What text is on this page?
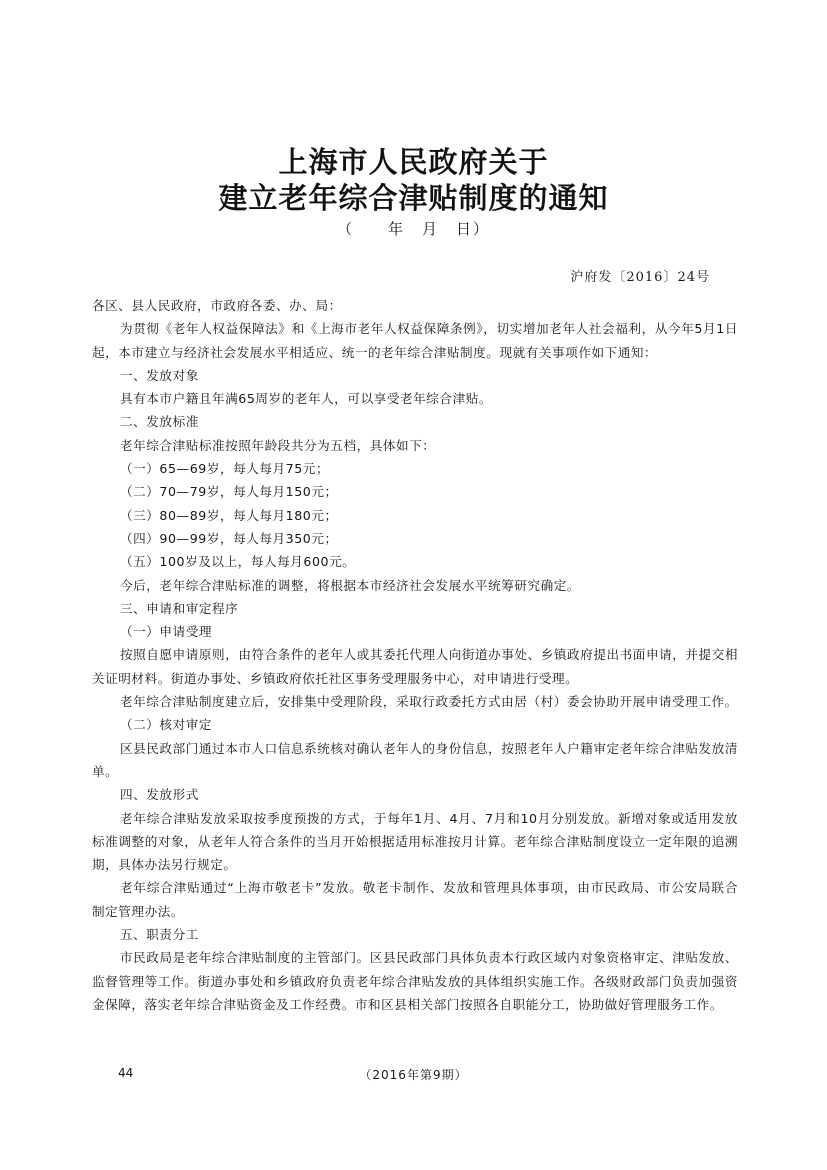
上海市人民政府关于
建立老年综合津贴制度的通知
（　　年　月　日）
沪府发〔2016〕24号

各区、县人民政府，市政府各委、办、局：

为贯彻《老年人权益保障法》和《上海市老年人权益保障条例》，切实增加老年人社会福利，从今年5月1日起，本市建立与经济社会发展水平相适应、统一的老年综合津贴制度。现就有关事项作如下通知：

一、发放对象

具有本市户籍且年满65周岁的老年人，可以享受老年综合津贴。

二、发放标准

老年综合津贴标准按照年龄段共分为五档，具体如下：

（一）65—69岁，每人每月75元；

（二）70—79岁，每人每月150元；

（三）80—89岁，每人每月180元；

（四）90—99岁，每人每月350元；

（五）100岁及以上，每人每月600元。

今后，老年综合津贴标准的调整，将根据本市经济社会发展水平统筹研究确定。

三、申请和审定程序

（一）申请受理

按照自愿申请原则，由符合条件的老年人或其委托代理人向街道办事处、乡镇政府提出书面申请，并提交相关证明材料。街道办事处、乡镇政府依托社区事务受理服务中心，对申请进行受理。

老年综合津贴制度建立后，安排集中受理阶段，采取行政委托方式由居（村）委会协助开展申请受理工作。

（二）核对审定

区县民政部门通过本市人口信息系统核对确认老年人的身份信息，按照老年人户籍审定老年综合津贴发放清单。

四、发放形式

老年综合津贴发放采取按季度预拨的方式，于每年1月、4月、7月和10月分别发放。新增对象或适用发放标准调整的对象，从老年人符合条件的当月开始根据适用标准按月计算。老年综合津贴制度设立一定年限的追溯期，具体办法另行规定。

老年综合津贴通过“上海市敬老卡”发放。敬老卡制作、发放和管理具体事项，由市民政局、市公安局联合制定管理办法。

五、职责分工

市民政局是老年综合津贴制度的主管部门。区县民政部门具体负责本行政区域内对象资格审定、津贴发放、监督管理等工作。街道办事处和乡镇政府负责老年综合津贴发放的具体组织实施工作。各级财政部门负责加强资金保障，落实老年综合津贴资金及工作经费。市和区县相关部门按照各自职能分工，协助做好管理服务工作。

44	（2016年第9期）
